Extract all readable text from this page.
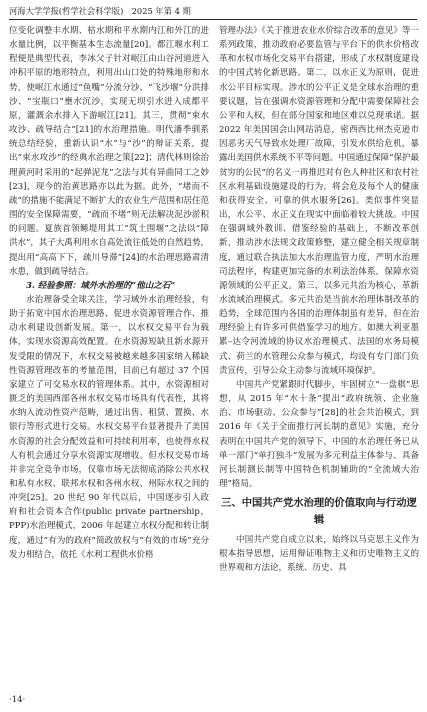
河海大学学报(哲学社会科学版)　2025 年第 4 期

位变化调整丰水期、枯水期和平水期内江和外江的进水量比例，以平衡基本生态流量[20]。都江堰水利工程便是典型代表，李冰父子针对岷江由山谷河道进入冲积平原的地形特点，利用出山口处的特殊地形和水势，使岷江水通过“鱼嘴”分流分沙、“飞沙堰”分洪排沙、“宝瓶口”壅水沉沙，实现无坝引水进入成都平原，灌溉余水排入下游岷江[21]。其三，贯彻“束水攻沙、疏导结合”[21]的水治理措施。明代潘季驯系统总结经验，重新认识“水”与“沙”的辩证关系，提出“束水攻沙”的经典水治理之策[22]；清代林则徐治理黄河时采用的“起弹泥龙”之法与其有异曲同工之妙[23]，现今的治黄思路亦以此为据。此外，“堵而不疏”的措施不能满足不断扩大的农业生产范围和居住范围的安全保障需要，“疏而不堵”则无法解决泥沙淤积的问题。夏族首领鲧堤用其工“筑土围堰”之法以“障洪水”，其子大禹利用水自高处流往低处的自然趋势，提出用“高高下下，疏川导滞”[24]的水治理思路肃清水患，做到疏导结合。

3. 经验参照：域外水治理的“他山之石”

水治理备受全球关注，学习域外水治理经验，有助于拓宽中国水治理思路、促进水资源管理合作、推动水利建设创新发展。第一，以水权交易平台为载体，实现水资源高效配置。在水资源短缺且新水源开发受限的情况下，水权交易被越来越多国家纳入稀缺性资源管理改革的考量范围，目前已有超过 37 个国家建立了可交易水权的管理体系。其中，水资源相对匮乏的美国西部各州水权交易市场具有代表性，其将水纳入流动性资产范畴，通过出售、租赁、置换、水银行等形式进行交易。水权交易平台显著提升了美国水资源的社会分配效益和可持续利用率，也使得水权人有机会通过分享水资源实现增收。但水权交易市场并非完全竞争市场，仅靠市场无法彻底消除公共水权和私有水权、联邦水权和各州水权、州际水权之间的冲突[25]。20 世纪 90 年代以后，中国逐步引入政府和社会资本合作(public private partnership，PPP)水治理模式，2006 年起建立水权分配和转让制度，通过“有为的政府”简政放权与“有效的市场”充分发力相结合，依托《水利工程供水价格

管理办法》《关于推进农业水价综合改革的意见》等一系列政策，推动政府必要监管与平台下的供水价格改革和水权市场化交易平台搭建，形成了水权制度建设的中国式转化新思路。第二，以水正义为原则，促进水公平目标实现。涉水的公平正义是全球水治理的重要议题，旨在强调水资源管理和分配中需要保障社会公平和人权，但在部分国家和地区难以兑现承诺。据 2022 年美国国会山网站消息，密西西比州杰克逊市因恶劣天气导致水处理厂故障，引发水供给危机，暴露出美国供水系统不平等问题。中国通过保障“保护最贫穷的公民”的名义一再推迟对有色人种社区和农村社区水利基础设施建设的行为，将会危及每个人的健康和获得安全、可靠的供水服务[26]。类似事件突显出，水公平、水正义在现实中面临着较大挑战。中国在强调域外教训、借鉴经验的基础上，不断改革创新，推动涉水法规文政策修整，建立健全相关规章制度，通过联合执法加大水治理监管力度，严明水治理司法程序，构建更加完备的水利法治体系，保障水资源领域的公平正义。第三，以多元共治为核心，革新水流域治理模式。多元共治是当前水治理体制改革的趋势，全球范围内各国的治理体制虽有差异，但在治理经验上有许多可供借鉴学习的地方。如澳大利亚墨累–达令河流域的协议水治理模式、法国的水务局模式、荷兰的水管理公众参与模式，均设有专门部门负责宣传，引导公众主动参与流域环境保护。

中国共产党紧跟时代脚步，牢固树立“一盘棋”思想，从 2015 年“水十条”提出“政府统领、企业施治、市场驱动、公众参与”[28]的社会共治模式，到 2016 年《关于全面推行河长制的意见》实施，充分表明在中国共产党的领导下，中国的水治理任务已从单一部门“单打独斗”发展为多元利益主体参与、具备河长制测长制等中国特色机制辅助的“全流域大治理”格局。

三、中国共产党水治理的价值取向与行动逻辑

中国共产党自成立以来，始终以马克思主义作为根本指导思想，运用辩证唯物主义和历史唯物主义的世界观和方法论，系统、历史、具

·14·
